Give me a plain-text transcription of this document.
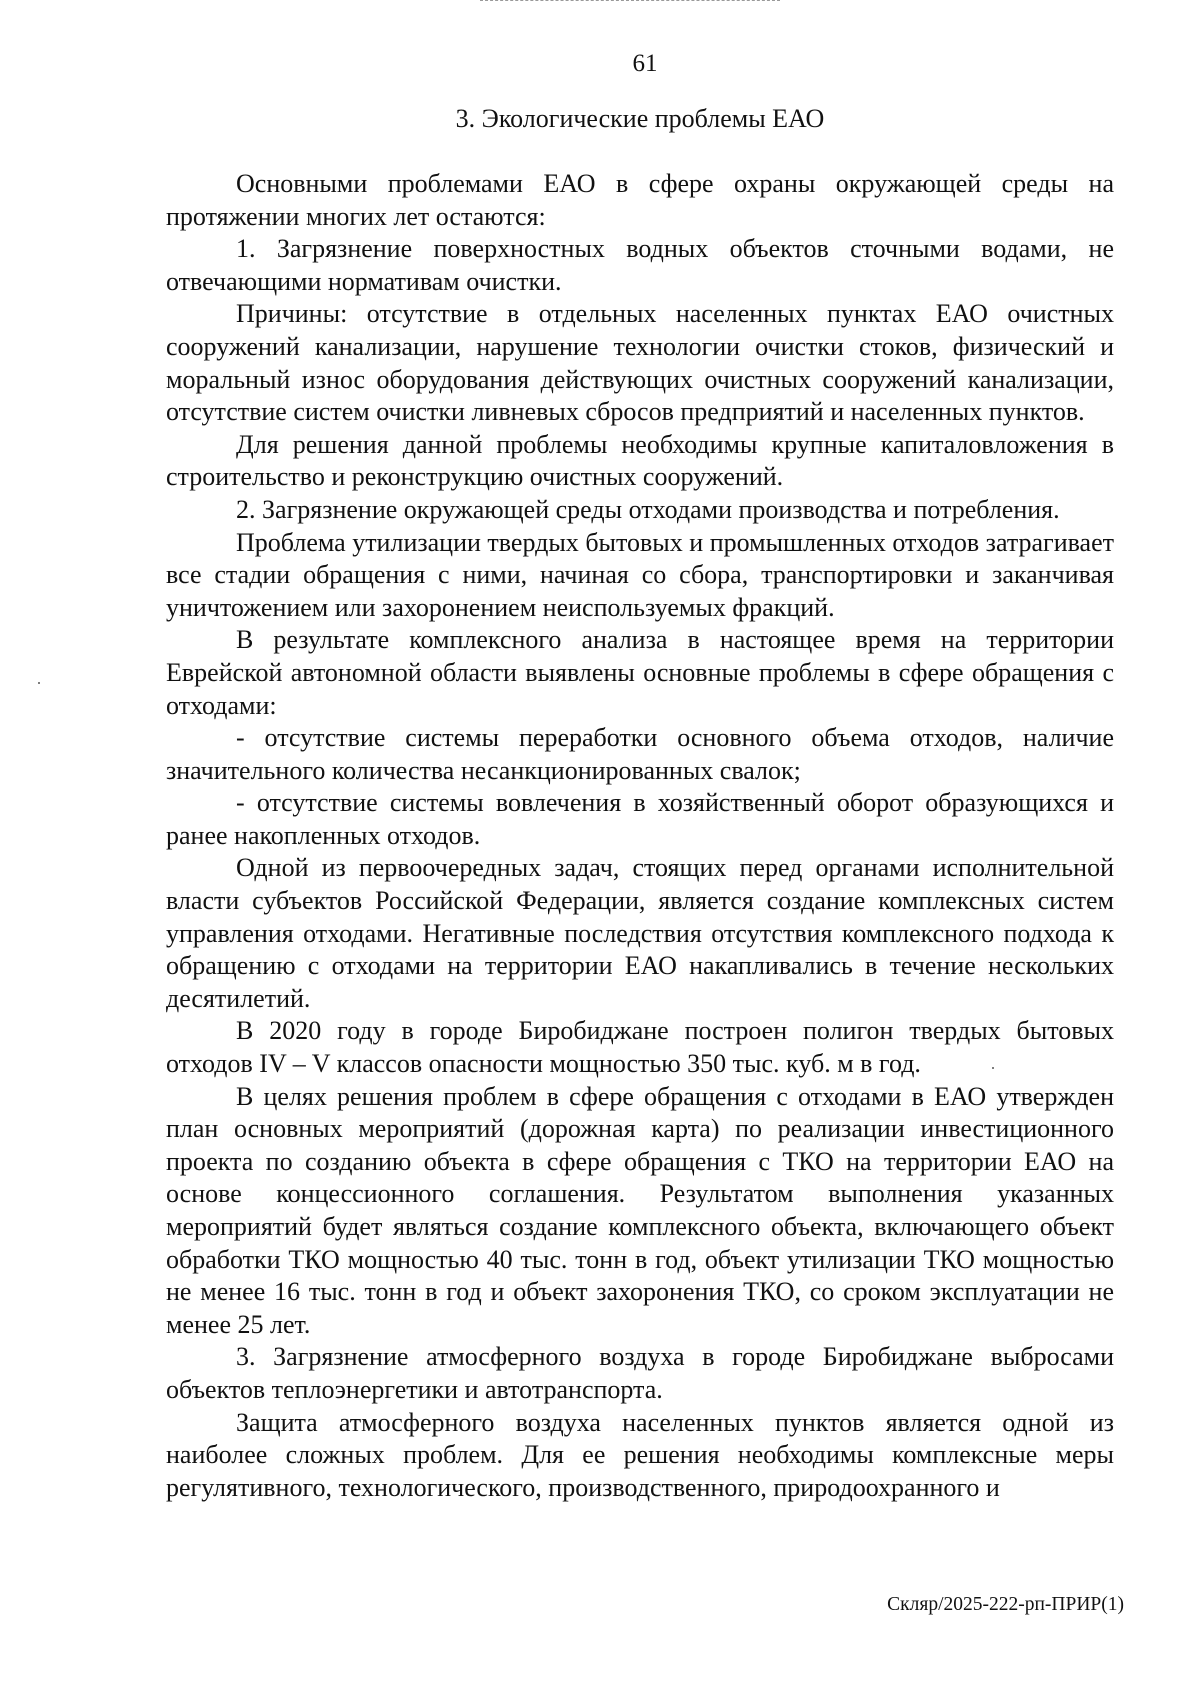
61
3. Экологические проблемы ЕАО

Основными проблемами ЕАО в сфере охраны окружающей среды на протяжении многих лет остаются:

1. Загрязнение поверхностных водных объектов сточными водами, не отвечающими нормативам очистки.

Причины: отсутствие в отдельных населенных пунктах ЕАО очистных сооружений канализации, нарушение технологии очистки стоков, физический и моральный износ оборудования действующих очистных сооружений канализации, отсутствие систем очистки ливневых сбросов предприятий и населенных пунктов.

Для решения данной проблемы необходимы крупные капиталовложения в строительство и реконструкцию очистных сооружений.

2. Загрязнение окружающей среды отходами производства и потребления.

Проблема утилизации твердых бытовых и промышленных отходов затрагивает все стадии обращения с ними, начиная со сбора, транспортировки и заканчивая уничтожением или захоронением неиспользуемых фракций.

В результате комплексного анализа в настоящее время на территории Еврейской автономной области выявлены основные проблемы в сфере обращения с отходами:

- отсутствие системы переработки основного объема отходов, наличие значительного количества несанкционированных свалок;

- отсутствие системы вовлечения в хозяйственный оборот образующихся и ранее накопленных отходов.

Одной из первоочередных задач, стоящих перед органами исполнительной власти субъектов Российской Федерации, является создание комплексных систем управления отходами. Негативные последствия отсутствия комплексного подхода к обращению с отходами на территории ЕАО накапливались в течение нескольких десятилетий.

В 2020 году в городе Биробиджане построен полигон твердых бытовых отходов IV – V классов опасности мощностью 350 тыс. куб. м в год.

В целях решения проблем в сфере обращения с отходами в ЕАО утвержден план основных мероприятий (дорожная карта) по реализации инвестиционного проекта по созданию объекта в сфере обращения с ТКО на территории ЕАО на основе концессионного соглашения. Результатом выполнения указанных мероприятий будет являться создание комплексного объекта, включающего объект обработки ТКО мощностью 40 тыс. тонн в год, объект утилизации ТКО мощностью не менее 16 тыс. тонн в год и объект захоронения ТКО, со сроком эксплуатации не менее 25 лет.

3. Загрязнение атмосферного воздуха в городе Биробиджане выбросами объектов теплоэнергетики и автотранспорта.

Защита атмосферного воздуха населенных пунктов является одной из наиболее сложных проблем. Для ее решения необходимы комплексные меры регулятивного, технологического, производственного, природоохранного и

Скляр/2025-222-рп-ПРИР(1)
